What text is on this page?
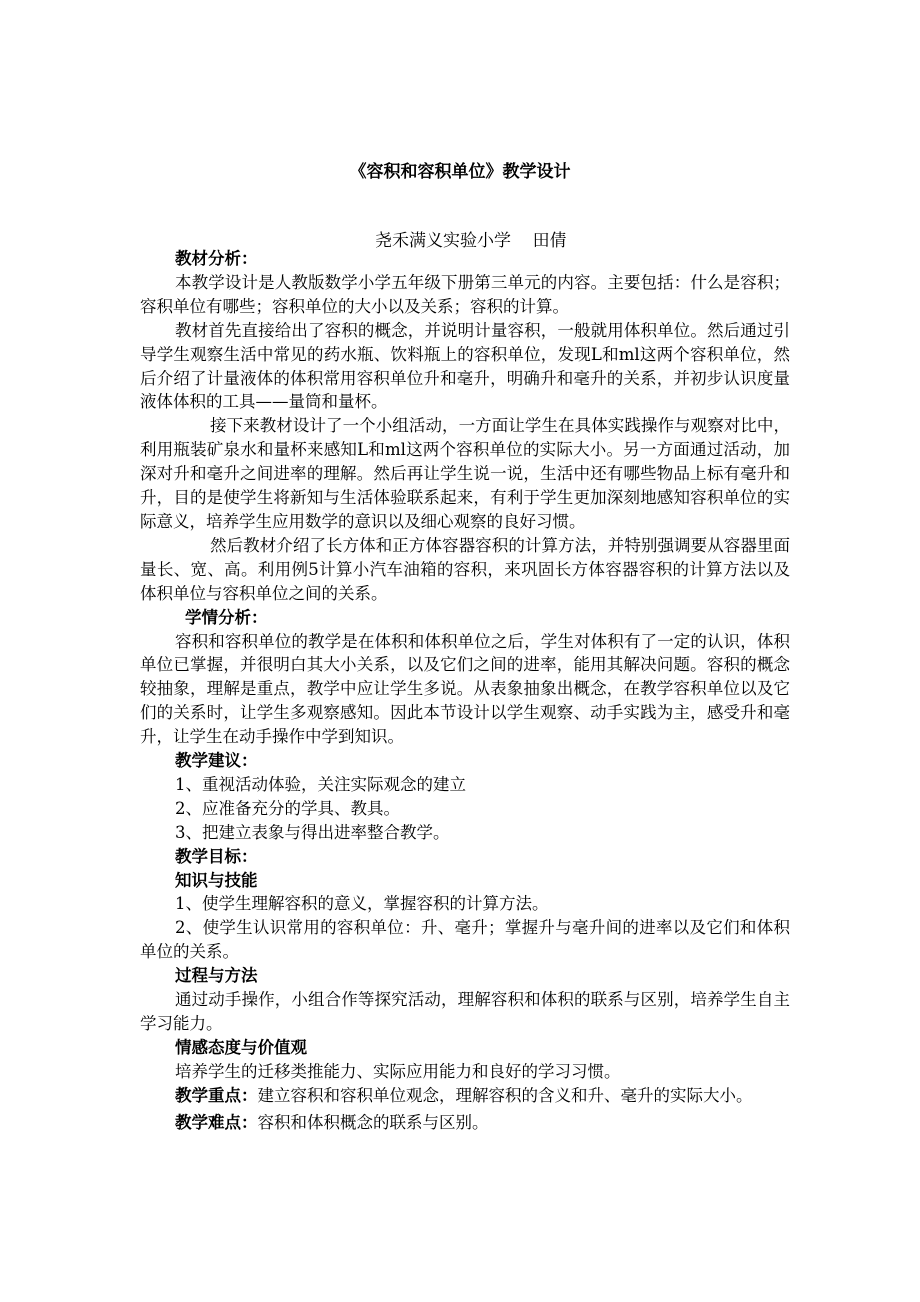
《容积和容积单位》教学设计
尧禾满义实验小学    田倩

教材分析：

本教学设计是人教版数学小学五年级下册第三单元的内容。主要包括：什么是容积；容积单位有哪些；容积单位的大小以及关系；容积的计算。

教材首先直接给出了容积的概念，并说明计量容积，一般就用体积单位。然后通过引导学生观察生活中常见的药水瓶、饮料瓶上的容积单位，发现L和ml这两个容积单位，然后介绍了计量液体的体积常用容积单位升和毫升，明确升和毫升的关系，并初步认识度量液体体积的工具——量筒和量杯。

接下来教材设计了一个小组活动，一方面让学生在具体实践操作与观察对比中，利用瓶装矿泉水和量杯来感知L和ml这两个容积单位的实际大小。另一方面通过活动，加深对升和毫升之间进率的理解。然后再让学生说一说，生活中还有哪些物品上标有毫升和升，目的是使学生将新知与生活体验联系起来，有利于学生更加深刻地感知容积单位的实际意义，培养学生应用数学的意识以及细心观察的良好习惯。

然后教材介绍了长方体和正方体容器容积的计算方法，并特别强调要从容器里面量长、宽、高。利用例5计算小汽车油箱的容积，来巩固长方体容器容积的计算方法以及体积单位与容积单位之间的关系。

学情分析：

容积和容积单位的教学是在体积和体积单位之后，学生对体积有了一定的认识，体积单位已掌握，并很明白其大小关系，以及它们之间的进率，能用其解决问题。容积的概念较抽象，理解是重点，教学中应让学生多说。从表象抽象出概念，在教学容积单位以及它们的关系时，让学生多观察感知。因此本节设计以学生观察、动手实践为主，感受升和毫升，让学生在动手操作中学到知识。

教学建议：

1、重视活动体验，关注实际观念的建立

2、应准备充分的学具、教具。

3、把建立表象与得出进率整合教学。

教学目标：

知识与技能

1、使学生理解容积的意义，掌握容积的计算方法。

2、使学生认识常用的容积单位：升、毫升；掌握升与毫升间的进率以及它们和体积单位的关系。

过程与方法

通过动手操作，小组合作等探究活动，理解容积和体积的联系与区别，培养学生自主学习能力。

情感态度与价值观

培养学生的迁移类推能力、实际应用能力和良好的学习习惯。

教学重点：建立容积和容积单位观念，理解容积的含义和升、毫升的实际大小。

教学难点：容积和体积概念的联系与区别。
